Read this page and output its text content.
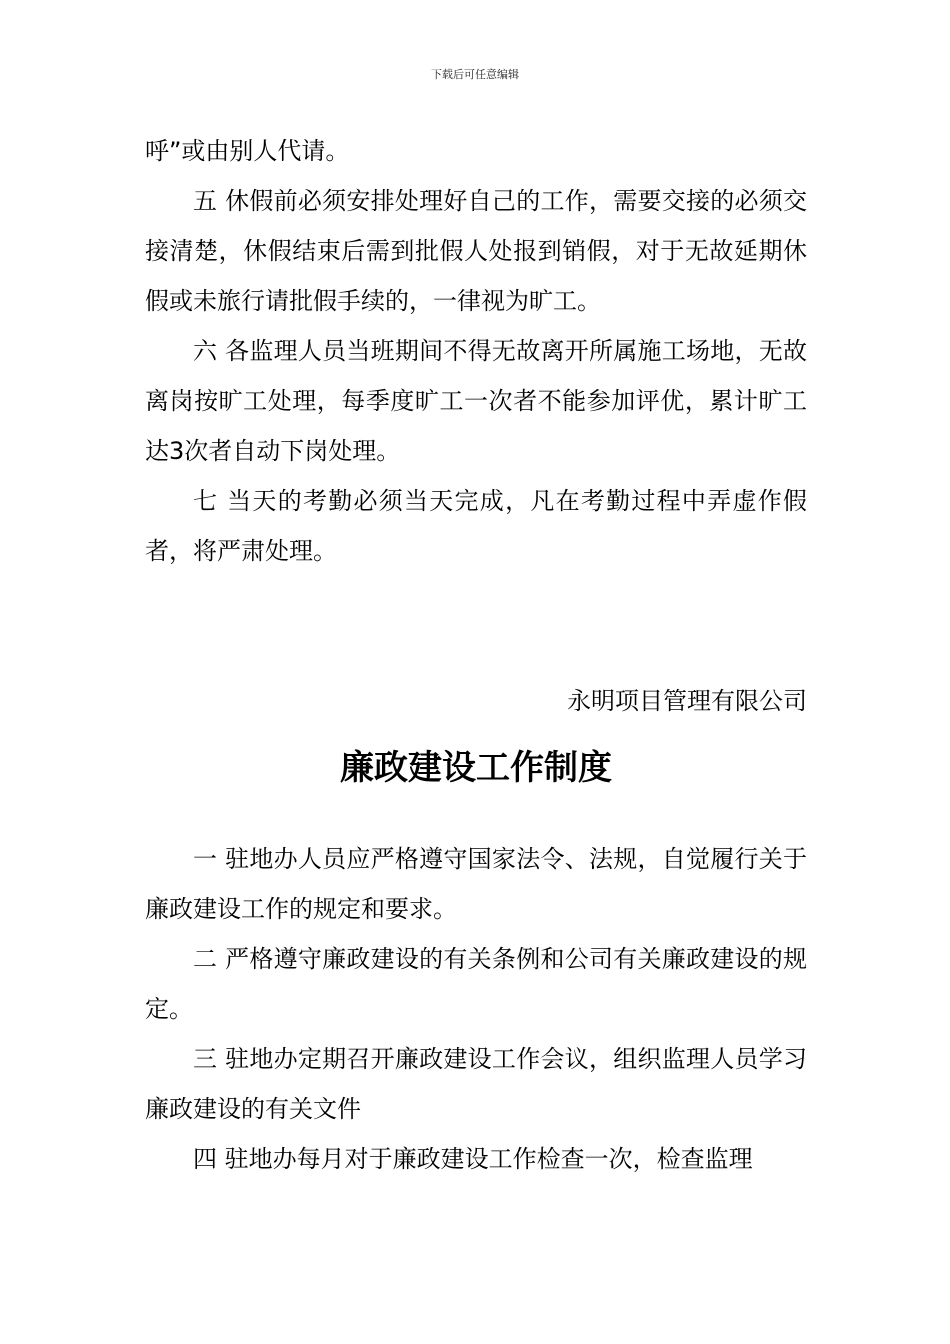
下载后可任意编辑

呼”或由别人代请。

五 休假前必须安排处理好自己的工作，需要交接的必须交接清楚，休假结束后需到批假人处报到销假，对于无故延期休假或未旅行请批假手续的，一律视为旷工。

六 各监理人员当班期间不得无故离开所属施工场地，无故离岗按旷工处理，每季度旷工一次者不能参加评优，累计旷工达3次者自动下岗处理。

七 当天的考勤必须当天完成，凡在考勤过程中弄虚作假者，将严肃处理。

永明项目管理有限公司

廉政建设工作制度

一 驻地办人员应严格遵守国家法令、法规，自觉履行关于廉政建设工作的规定和要求。

二 严格遵守廉政建设的有关条例和公司有关廉政建设的规定。

三 驻地办定期召开廉政建设工作会议，组织监理人员学习廉政建设的有关文件

四 驻地办每月对于廉政建设工作检查一次，检查监理
